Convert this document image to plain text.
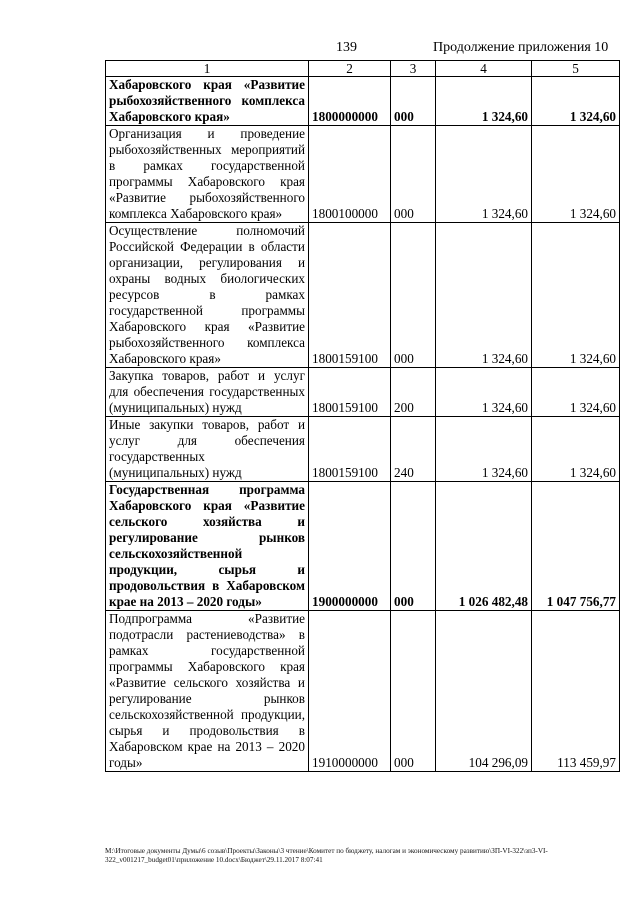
139	Продолжение приложения 10
1	2	3	4	5
Хабаровского края «Развитие рыбохозяйственного комплекса Хабаровского края»	1800000000	000	1 324,60	1 324,60
Организация и проведение рыбохозяйственных мероприятий в рамках государственной программы Хабаровского края «Развитие рыбохозяйственного комплекса Хабаровского края»	1800100000	000	1 324,60	1 324,60
Осуществление полномочий Российской Федерации в области организации, регулирования и охраны водных биологических ресурсов в рамках государственной программы Хабаровского края «Развитие рыбохозяйственного комплекса Хабаровского края»	1800159100	000	1 324,60	1 324,60
Закупка товаров, работ и услуг для обеспечения государственных (муниципальных) нужд	1800159100	200	1 324,60	1 324,60
Иные закупки товаров, работ и услуг для обеспечения государственных (муниципальных) нужд	1800159100	240	1 324,60	1 324,60
Государственная программа Хабаровского края «Развитие сельского хозяйства и регулирование рынков сельскохозяйственной продукции, сырья и продовольствия в Хабаровском крае на 2013 – 2020 годы»	1900000000	000	1 026 482,48	1 047 756,77
Подпрограмма «Развитие подотрасли растениеводства» в рамках государственной программы Хабаровского края «Развитие сельского хозяйства и регулирование рынков сельскохозяйственной продукции, сырья и продовольствия в Хабаровском крае на 2013 – 2020 годы»	1910000000	000	104 296,09	113 459,97
M:\Итоговые документы Думы\6 созыв\Проекты\Законы\3 чтение\Комитет по бюджету, налогам и экономическому развитию\ЗП-VI-322\зп3-VI-322_v001217_budget01\приложение 10.docx\Бюджет\29.11.2017 8:07:41
